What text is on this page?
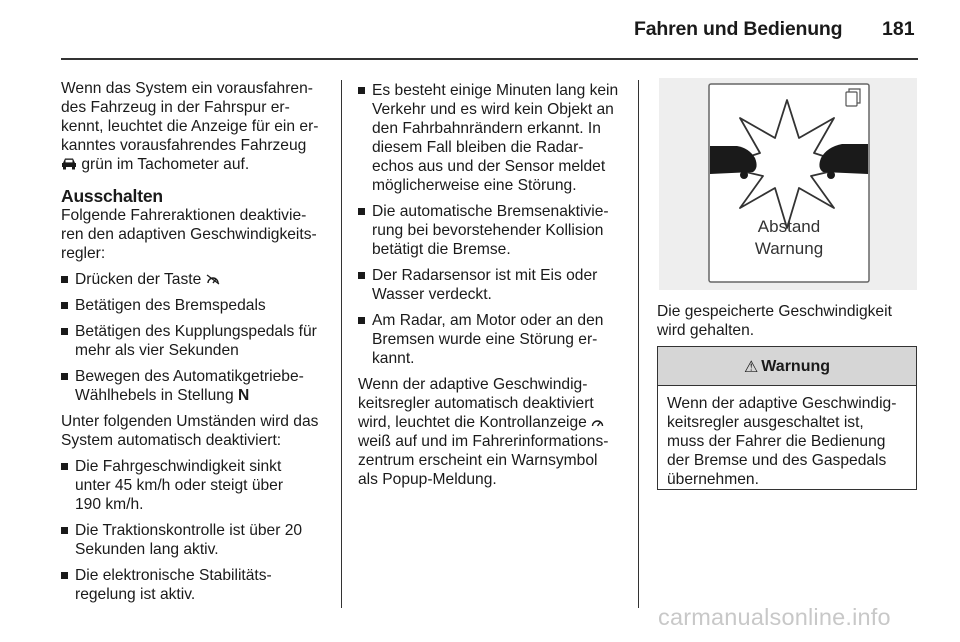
Fahren und Bedienung 181

Wenn das System ein vorausfahren-
des Fahrzeug in der Fahrspur er-
kennt, leuchtet die Anzeige für ein er-
kanntes vorausfahrendes Fahrzeug
grün im Tachometer auf.

Ausschalten

Folgende Fahreraktionen deaktivie-
ren den adaptiven Geschwindigkeits-
regler:

Drücken der Taste
Betätigen des Bremspedals
Betätigen des Kupplungspedals für
mehr als vier Sekunden
Bewegen des Automatikgetriebe-
Wählhebels in Stellung N

Unter folgenden Umständen wird das
System automatisch deaktiviert:

Die Fahrgeschwindigkeit sinkt
unter 45 km/h oder steigt über
190 km/h.
Die Traktionskontrolle ist über 20
Sekunden lang aktiv.
Die elektronische Stabilitäts-
regelung ist aktiv.
Es besteht einige Minuten lang kein
Verkehr und es wird kein Objekt an
den Fahrbahnrändern erkannt. In
diesem Fall bleiben die Radar-
echos aus und der Sensor meldet
möglicherweise eine Störung.
Die automatische Bremsenaktivie-
rung bei bevorstehender Kollision
betätigt die Bremse.
Der Radarsensor ist mit Eis oder
Wasser verdeckt.
Am Radar, am Motor oder an den
Bremsen wurde eine Störung er-
kannt.

Wenn der adaptive Geschwindig-
keitsregler automatisch deaktiviert
wird, leuchtet die Kontrollanzeige
weiß auf und im Fahrerinformations-
zentrum erscheint ein Warnsymbol
als Popup-Meldung.

Abstand
Warnung

Die gespeicherte Geschwindigkeit
wird gehalten.

⚠ Warnung
Wenn der adaptive Geschwindig-
keitsregler ausgeschaltet ist,
muss der Fahrer die Bedienung
der Bremse und des Gaspedals
übernehmen.
carmanualsonline.info
